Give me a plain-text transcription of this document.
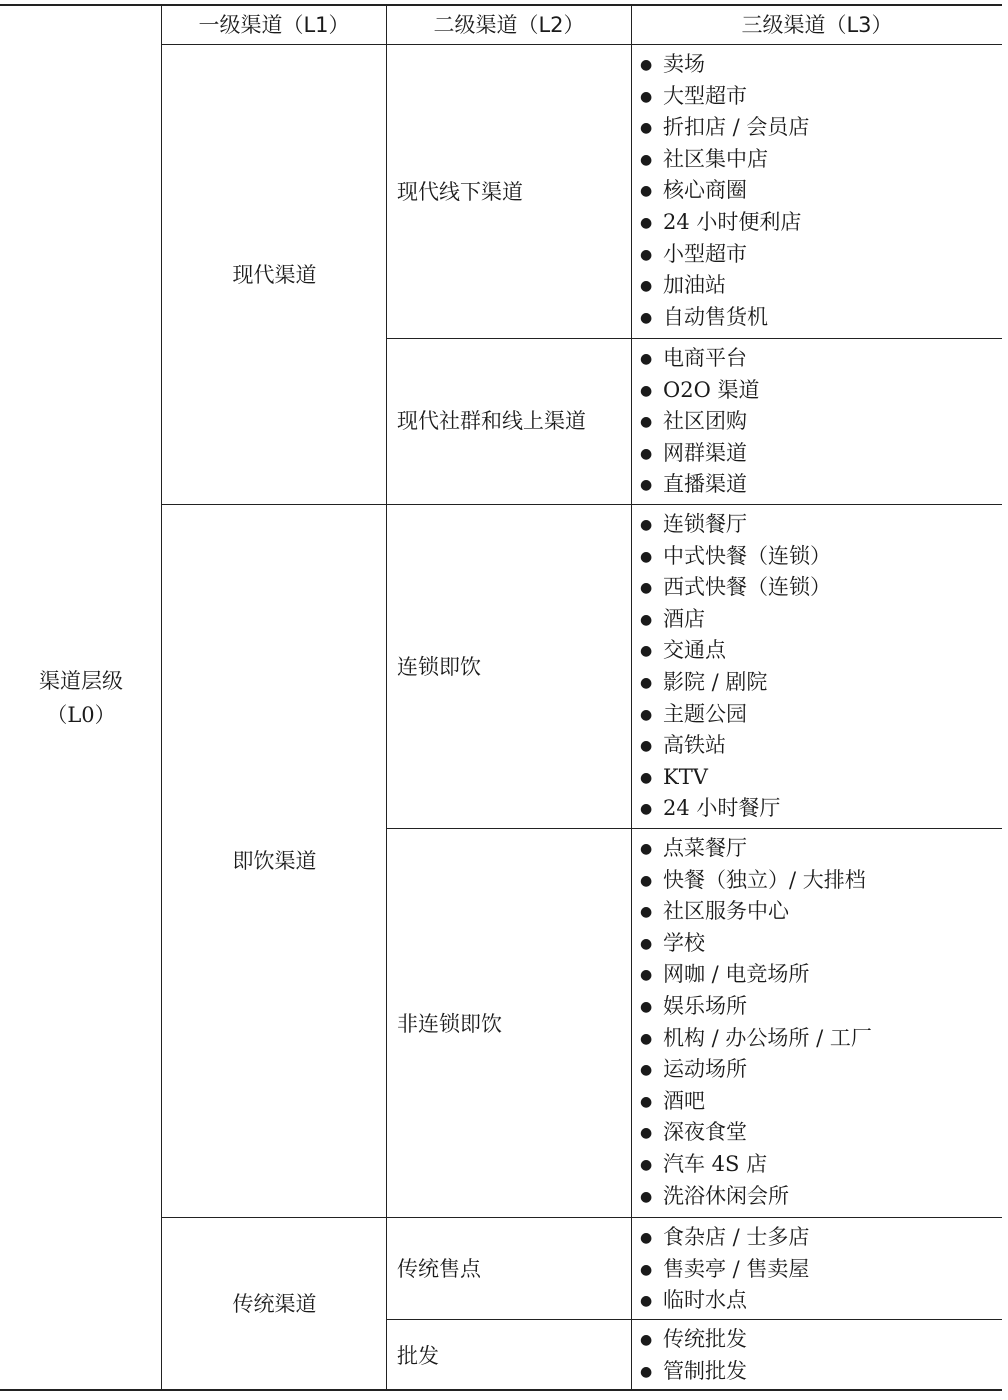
渠道层级
（L0）
一级渠道（L1）	二级渠道（L2）	三级渠道（L3）
现代渠道
即饮渠道
传统渠道
现代线下渠道
现代社群和线上渠道
连锁即饮
非连锁即饮
传统售点
批发
● 卖场
● 大型超市
● 折扣店 / 会员店
● 社区集中店
● 核心商圈
● 24 小时便利店
● 小型超市
● 加油站
● 自动售货机
● 电商平台
● O2O 渠道
● 社区团购
● 网群渠道
● 直播渠道
● 连锁餐厅
● 中式快餐（连锁）
● 西式快餐（连锁）
● 酒店
● 交通点
● 影院 / 剧院
● 主题公园
● 高铁站
● KTV
● 24 小时餐厅
● 点菜餐厅
● 快餐（独立）/ 大排档
● 社区服务中心
● 学校
● 网咖 / 电竞场所
● 娱乐场所
● 机构 / 办公场所 / 工厂
● 运动场所
● 酒吧
● 深夜食堂
● 汽车 4S 店
● 洗浴休闲会所
● 食杂店 / 士多店
● 售卖亭 / 售卖屋
● 临时水点
● 传统批发
● 管制批发
